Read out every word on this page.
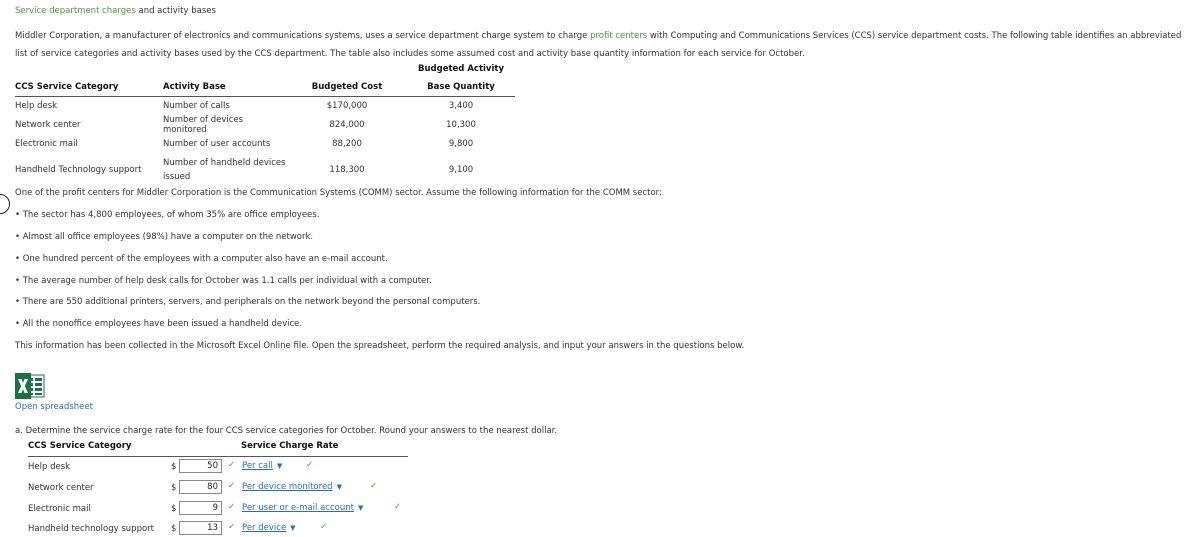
Service department charges and activity bases
Middler Corporation, a manufacturer of electronics and communications systems, uses a service department charge system to charge profit centers with Computing and Communications Services (CCS) service department costs. The following table identifies an abbreviated list of service categories and activity bases used by the CCS department. The table also includes some assumed cost and activity base quantity information for each service for October.
			Budgeted Activity
CCS Service Category	Activity Base	Budgeted Cost	Base Quantity
Help desk	Number of calls	$170,000	3,400
Network center	Number of devices monitored	824,000	10,300
Electronic mail	Number of user accounts	88,200	9,800
Handheld Technology support	Number of handheld devices issued	118,300	9,100
One of the profit centers for Middler Corporation is the Communication Systems (COMM) sector. Assume the following information for the COMM sector:
• The sector has 4,800 employees, of whom 35% are office employees.
• Almost all office employees (98%) have a computer on the network.
• One hundred percent of the employees with a computer also have an e-mail account.
• The average number of help desk calls for October was 1.1 calls per individual with a computer.
• There are 550 additional printers, servers, and peripherals on the network beyond the personal computers.
• All the nonoffice employees have been issued a handheld device.
This information has been collected in the Microsoft Excel Online file. Open the spreadsheet, perform the required analysis, and input your answers in the questions below.
Open spreadsheet
a. Determine the service charge rate for the four CCS service categories for October. Round your answers to the nearest dollar.
CCS Service Category	Service Charge Rate
Help desk	$	50	✓ Per call ▼	✓
Network center	$	80	✓ Per device monitored ▼	✓
Electronic mail	$	9	✓ Per user or e-mail account ▼	✓
Handheld technology support $	13	✓ Per device ▼	✓
